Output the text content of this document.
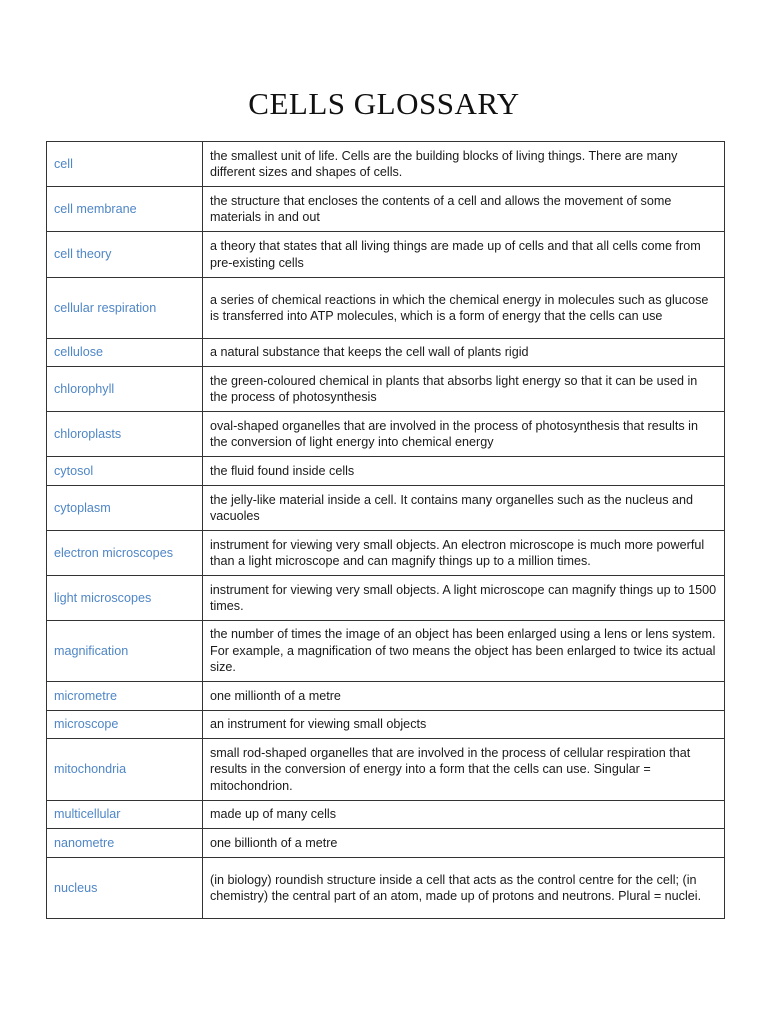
CELLS GLOSSARY
cell	the smallest unit of life. Cells are the building blocks of living things. There are many different sizes and shapes of cells.
cell membrane	the structure that encloses the contents of a cell and allows the movement of some materials in and out
cell theory	a theory that states that all living things are made up of cells and that all cells come from pre-existing cells
cellular respiration	a series of chemical reactions in which the chemical energy in molecules such as glucose is transferred into ATP molecules, which is a form of energy that the cells can use
cellulose	a natural substance that keeps the cell wall of plants rigid
chlorophyll	the green-coloured chemical in plants that absorbs light energy so that it can be used in the process of photosynthesis
chloroplasts	oval-shaped organelles that are involved in the process of photosynthesis that results in the conversion of light energy into chemical energy
cytosol	the fluid found inside cells
cytoplasm	the jelly-like material inside a cell. It contains many organelles such as the nucleus and vacuoles
electron microscopes	instrument for viewing very small objects. An electron microscope is much more powerful than a light microscope and can magnify things up to a million times.
light microscopes	instrument for viewing very small objects. A light microscope can magnify things up to 1500 times.
magnification	the number of times the image of an object has been enlarged using a lens or lens system. For example, a magnification of two means the object has been enlarged to twice its actual size.
micrometre	one millionth of a metre
microscope	an instrument for viewing small objects
mitochondria	small rod-shaped organelles that are involved in the process of cellular respiration that results in the conversion of energy into a form that the cells can use. Singular = mitochondrion.
multicellular	made up of many cells
nanometre	one billionth of a metre
nucleus	(in biology) roundish structure inside a cell that acts as the control centre for the cell; (in chemistry) the central part of an atom, made up of protons and neutrons. Plural = nuclei.
